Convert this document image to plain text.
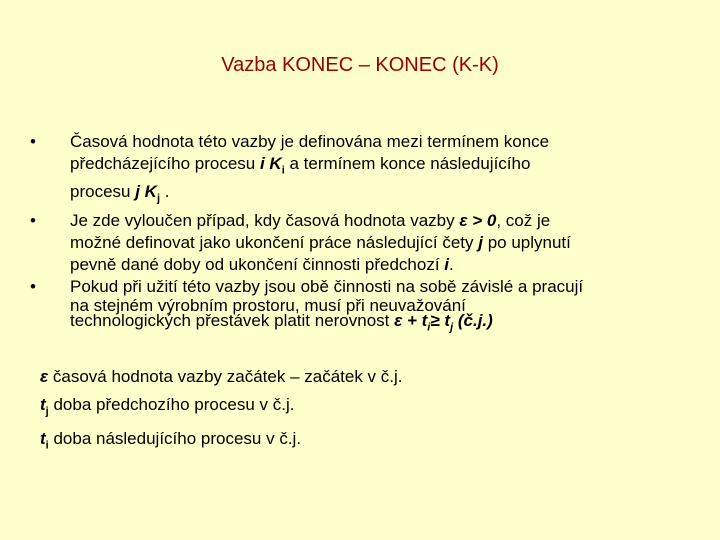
Vazba KONEC – KONEC (K-K)
• Časová hodnota této vazby je definována mezi termínem konce
předcházejícího procesu i $K_i$ a termínem konce následujícího
procesu j $K_j$ .
• Je zde vyloučen případ, kdy časová hodnota vazby ε > 0, což je
možné definovat jako ukončení práce následující čety j po uplynutí
pevně dané doby od ukončení činnosti předchozí i.
• Pokud při užití této vazby jsou obě činnosti na sobě závislé a pracují

na stejném výrobním prostoru, musí při neuvažování
technologických přestávek platit nerovnost $\varepsilon + t_i\ge t_j$ (č.j.)
ε časová hodnota vazby začátek – začátek v č.j.
$t_j$ doba předchozího procesu v č.j.
$t_i$ doba následujícího procesu v č.j.
